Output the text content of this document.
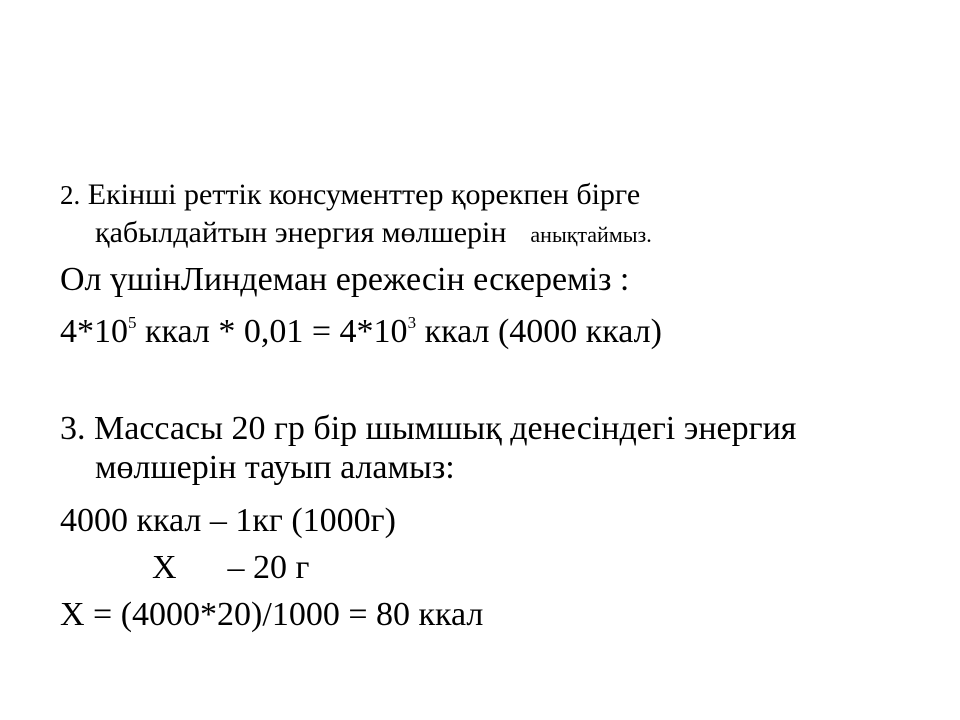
2. Екінші реттік консументтер қорекпен бірге
қабылдайтын энергия мөлшерін анықтаймыз.
Ол үшінЛиндеман ережесін ескереміз :
$4*10^5$ ккал * $0,01 = 4*10^3$ ккал (4000 ккал)
3. Массасы 20 гр бір шымшық денесіндегі энергия
мөлшерін тауып аламыз:
4000 ккал – 1кг (1000г)
Х      – 20 г
Х = (4000*20)/1000 = 80 ккал
